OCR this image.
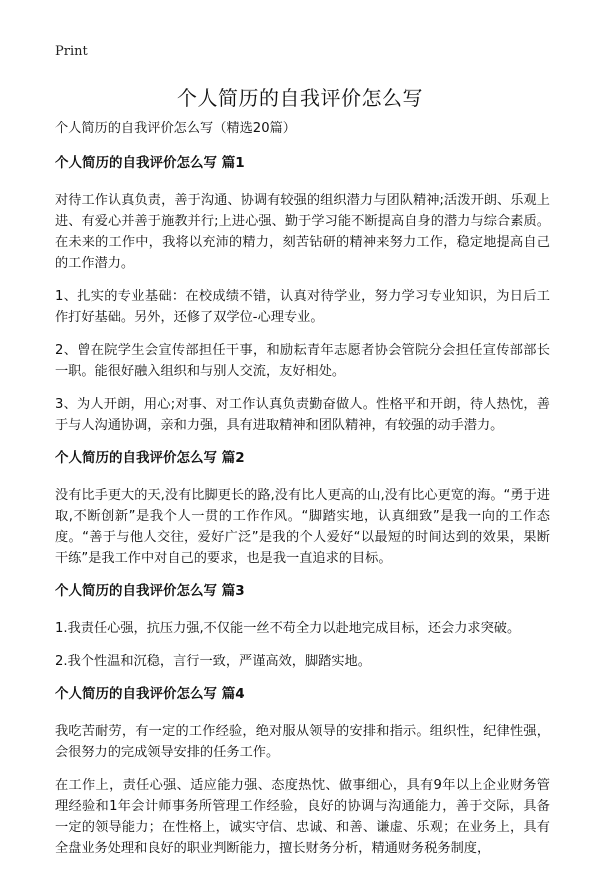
Print
个人简历的自我评价怎么写

个人简历的自我评价怎么写（精选20篇）

个人简历的自我评价怎么写 篇1

对待工作认真负责，善于沟通、协调有较强的组织潜力与团队精神;活泼开朗、乐观上进、有爱心并善于施教并行;上进心强、勤于学习能不断提高自身的潜力与综合素质。在未来的工作中，我将以充沛的精力，刻苦钻研的精神来努力工作，稳定地提高自己的工作潜力。

1、扎实的专业基础：在校成绩不错，认真对待学业，努力学习专业知识，为日后工作打好基础。另外，还修了双学位-心理专业。

2、曾在院学生会宣传部担任干事，和励耘青年志愿者协会管院分会担任宣传部部长一职。能很好融入组织和与别人交流，友好相处。

3、为人开朗，用心;对事、对工作认真负责勤奋做人。性格平和开朗，待人热忱，善于与人沟通协调，亲和力强，具有进取精神和团队精神，有较强的动手潜力。

个人简历的自我评价怎么写 篇2

没有比手更大的天,没有比脚更长的路,没有比人更高的山,没有比心更宽的海。“勇于进取,不断创新”是我个人一贯的工作作风。“脚踏实地，认真细致”是我一向的工作态度。“善于与他人交往，爱好广泛”是我的个人爱好“以最短的时间达到的效果，果断干练”是我工作中对自己的要求，也是我一直追求的目标。

个人简历的自我评价怎么写 篇3

1.我责任心强，抗压力强,不仅能一丝不苟全力以赴地完成目标，还会力求突破。

2.我个性温和沉稳，言行一致，严谨高效，脚踏实地。

个人简历的自我评价怎么写 篇4

我吃苦耐劳，有一定的工作经验，绝对服从领导的安排和指示。组织性，纪律性强，会很努力的完成领导安排的任务工作。

在工作上，责任心强、适应能力强、态度热忱、做事细心，具有9年以上企业财务管理经验和1年会计师事务所管理工作经验，良好的协调与沟通能力，善于交际，具备一定的领导能力；在性格上，诚实守信、忠诚、和善、谦虚、乐观；在业务上，具有全盘业务处理和良好的职业判断能力，擅长财务分析，精通财务税务制度，
